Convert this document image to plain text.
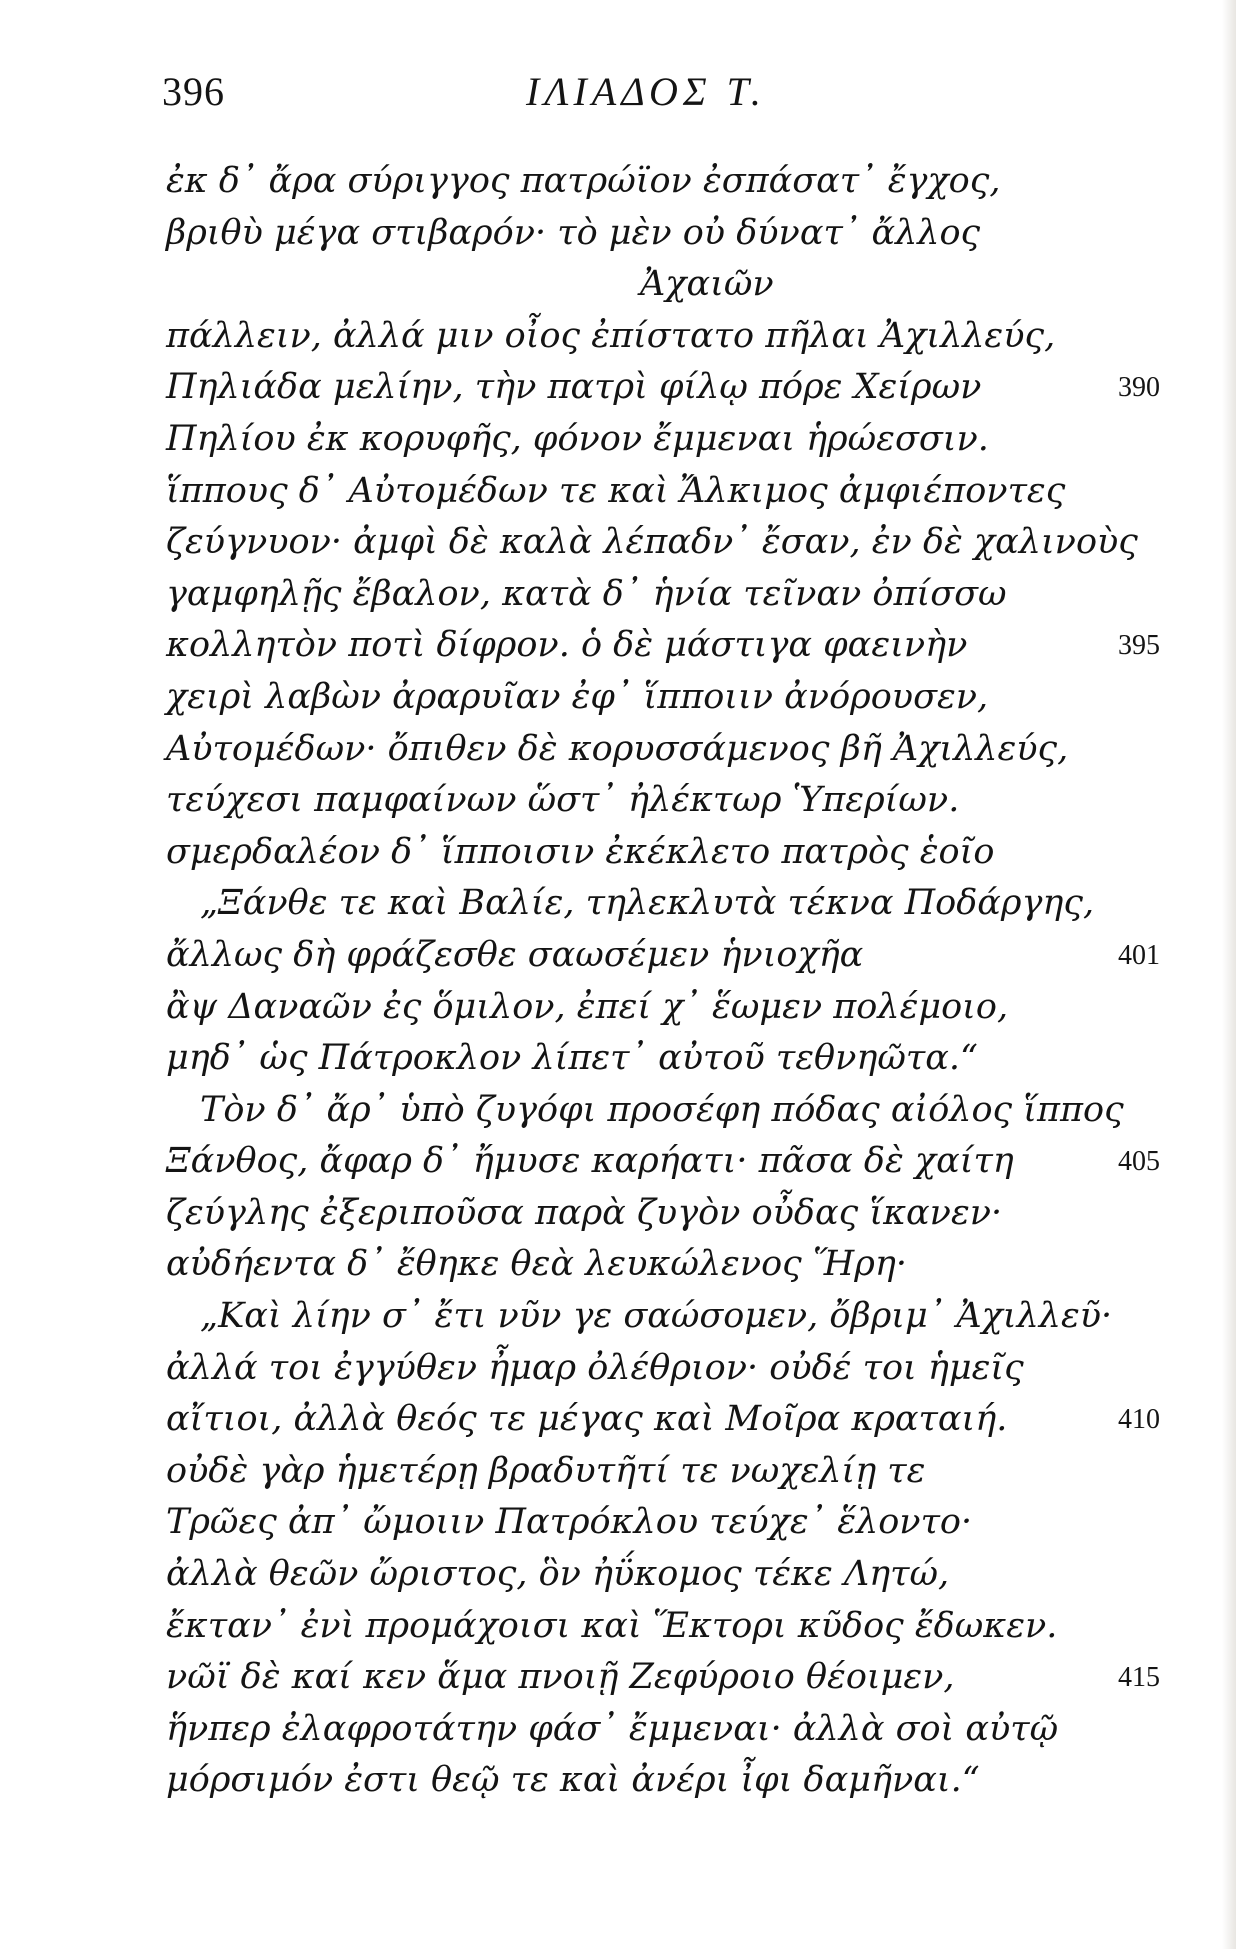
396	ΙΛΙΑΔΟΣ Τ.
ἐκ δ᾽ ἄρα σύριγγος πατρώϊον ἐσπάσατ᾽ ἔγχος,
βριθὺ μέγα στιβαρόν· τὸ μὲν οὐ δύνατ᾽ ἄλλος
Ἀχαιῶν
πάλλειν, ἀλλά μιν οἶος ἐπίστατο πῆλαι Ἀχιλλεύς,
Πηλιάδα μελίην, τὴν πατρὶ φίλῳ πόρε Χείρων	390
Πηλίου ἐκ κορυφῆς, φόνον ἔμμεναι ἡρώεσσιν.
ἵππους δ᾽ Αὐτομέδων τε καὶ Ἄλκιμος ἀμφιέποντες
ζεύγνυον· ἀμφὶ δὲ καλὰ λέπαδν᾽ ἔσαν, ἐν δὲ χαλινοὺς
γαμφηλῇς ἔβαλον, κατὰ δ᾽ ἡνία τεῖναν ὀπίσσω
κολλητὸν ποτὶ δίφρον. ὁ δὲ μάστιγα φαεινὴν	395
χειρὶ λαβὼν ἀραρυῖαν ἐφ᾽ ἵπποιιν ἀνόρουσεν,
Αὐτομέδων· ὄπιθεν δὲ κορυσσάμενος βῆ Ἀχιλλεύς,
τεύχεσι παμφαίνων ὥστ᾽ ἠλέκτωρ Ὑπερίων.
σμερδαλέον δ᾽ ἵπποισιν ἐκέκλετο πατρὸς ἑοῖο
„Ξάνθε τε καὶ Βαλίε, τηλεκλυτὰ τέκνα Ποδάργης,
ἄλλως δὴ φράζεσθε σαωσέμεν ἡνιοχῆα	401
ἂψ Δαναῶν ἐς ὅμιλον, ἐπεί χ᾽ ἕωμεν πολέμοιο,
μηδ᾽ ὡς Πάτροκλον λίπετ᾽ αὐτοῦ τεθνηῶτα.“
Τὸν δ᾽ ἄρ᾽ ὑπὸ ζυγόφι προσέφη πόδας αἰόλος ἵππος
Ξάνθος, ἄφαρ δ᾽ ἤμυσε καρήατι· πᾶσα δὲ χαίτη	405
ζεύγλης ἐξεριποῦσα παρὰ ζυγὸν οὖδας ἵκανεν·
αὐδήεντα δ᾽ ἔθηκε θεὰ λευκώλενος Ἥρη·
„Καὶ λίην σ᾽ ἔτι νῦν γε σαώσομεν, ὄβριμ᾽ Ἀχιλλεῦ·
ἀλλά τοι ἐγγύθεν ἦμαρ ὀλέθριον· οὐδέ τοι ἡμεῖς
αἴτιοι, ἀλλὰ θεός τε μέγας καὶ Μοῖρα κραταιή.	410
οὐδὲ γὰρ ἡμετέρῃ βραδυτῆτί τε νωχελίῃ τε
Τρῶες ἀπ᾽ ὤμοιιν Πατρόκλου τεύχε᾽ ἕλοντο·
ἀλλὰ θεῶν ὤριστος, ὃν ἠΰκομος τέκε Λητώ,
ἔκταν᾽ ἐνὶ προμάχοισι καὶ Ἕκτορι κῦδος ἔδωκεν.
νῶϊ δὲ καί κεν ἅμα πνοιῇ Ζεφύροιο θέοιμεν,	415
ἥνπερ ἐλαφροτάτην φάσ᾽ ἔμμεναι· ἀλλὰ σοὶ αὐτῷ
μόρσιμόν ἐστι θεῷ τε καὶ ἀνέρι ἶφι δαμῆναι.“
